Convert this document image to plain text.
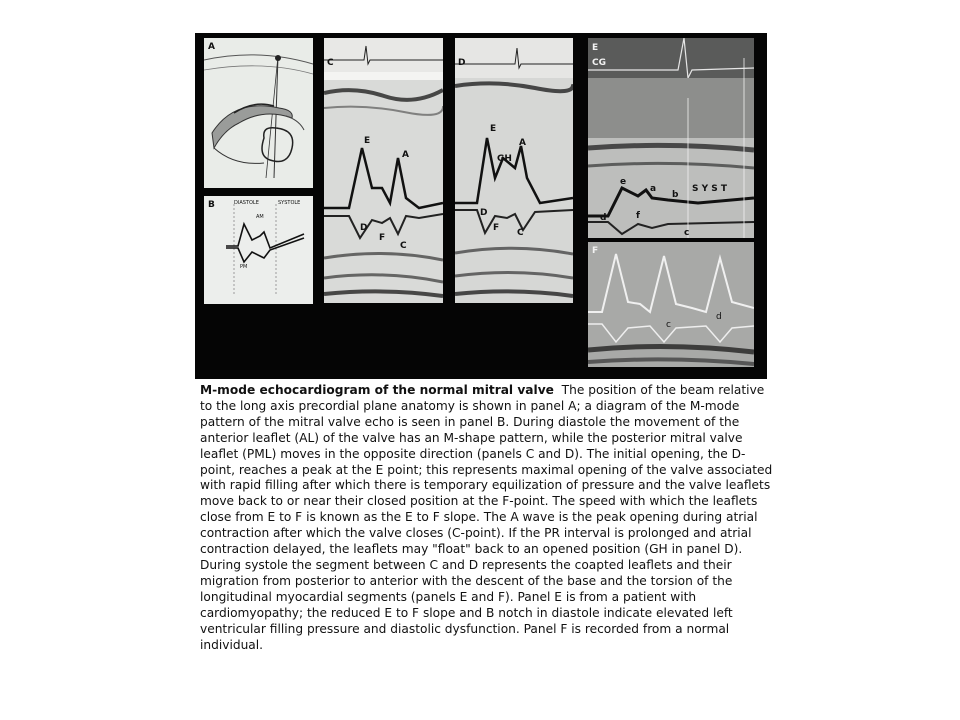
A
B	DIASTOLE	SYSTOLE
AM
PM
C
E
A
D
F
C
D
E
GH
A
D
F C
E
CG
S Y S T
e
a
b
f
d
c
F
c
d
M-mode echocardiogram of the normal mitral valve The position of the beam relative to the long axis precordial plane anatomy is shown in panel A; a diagram of the M-mode pattern of the mitral valve echo is seen in panel B. During diastole the movement of the anterior leaflet (AL) of the valve has an M-shape pattern, while the posterior mitral valve leaflet (PML) moves in the opposite direction (panels C and D). The initial opening, the D-point, reaches a peak at the E point; this represents maximal opening of the valve associated with rapid filling after which there is temporary equilization of pressure and the valve leaflets move back to or near their closed position at the F-point. The speed with which the leaflets close from E to F is known as the E to F slope. The A wave is the peak opening during atrial contraction after which the valve closes (C-point). If the PR interval is prolonged and atrial contraction delayed, the leaflets may "float" back to an opened position (GH in panel D). During systole the segment between C and D represents the coapted leaflets and their migration from posterior to anterior with the descent of the base and the torsion of the longitudinal myocardial segments (panels E and F). Panel E is from a patient with cardiomyopathy; the reduced E to F slope and B notch in diastole indicate elevated left ventricular filling pressure and diastolic dysfunction. Panel F is recorded from a normal individual.
